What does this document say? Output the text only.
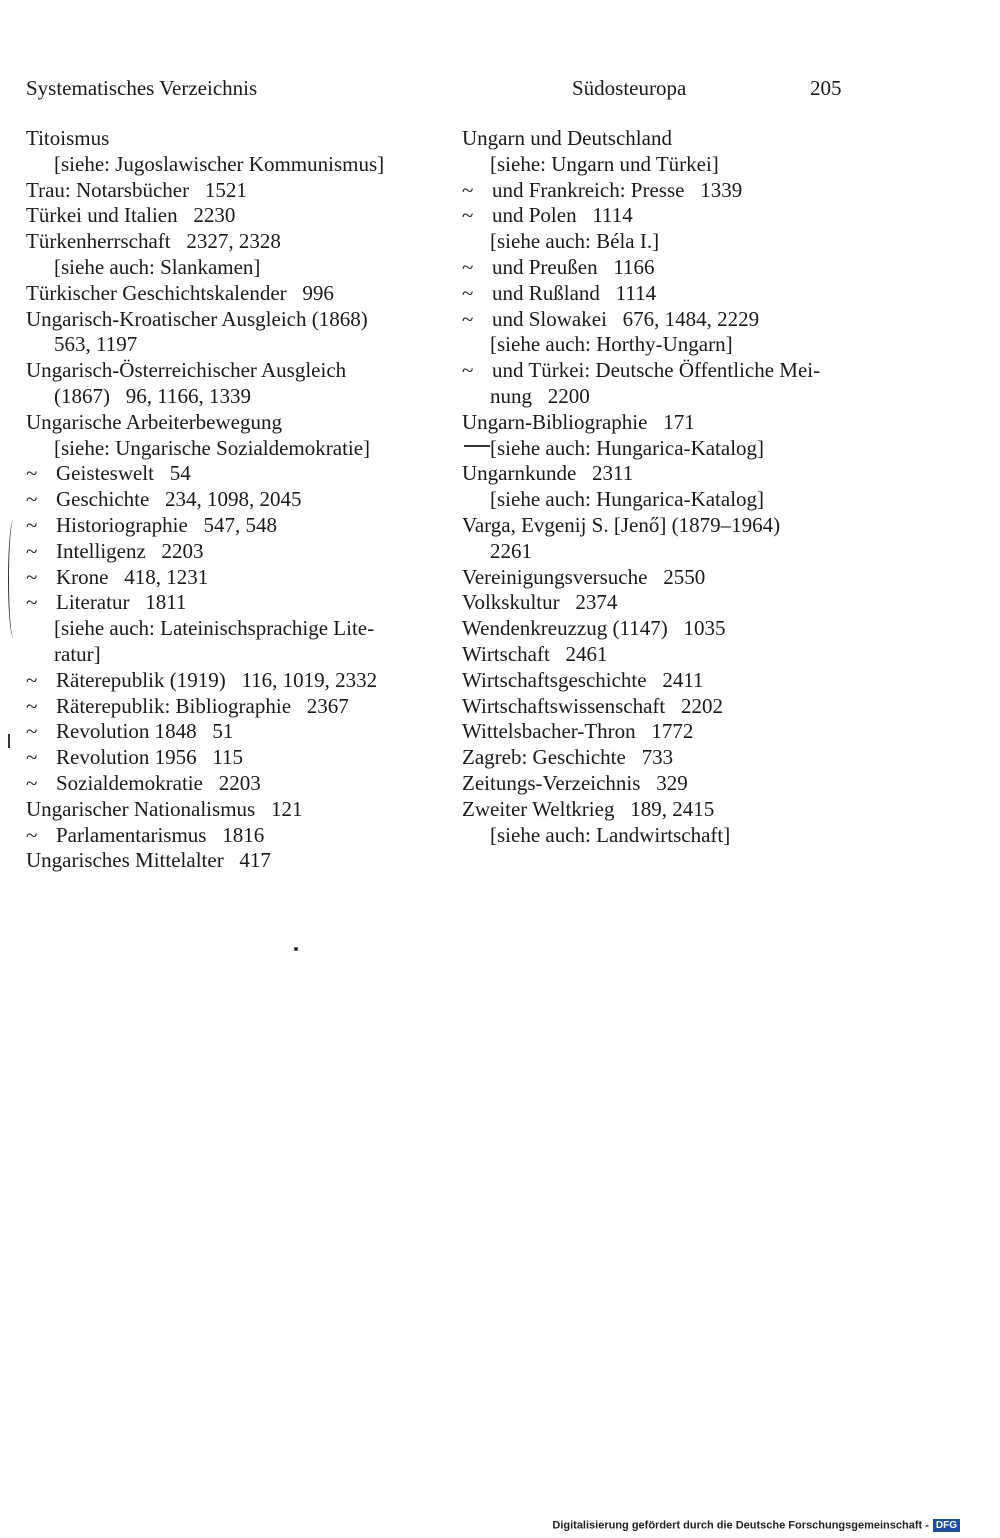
Systematisches Verzeichnis	Südosteuropa	205
Titoismus
[siehe: Jugoslawischer Kommunismus]
Trau: Notarsbücher   1521
Türkei und Italien   2230
Türkenherrschaft   2327, 2328
[siehe auch: Slankamen]
Türkischer Geschichtskalender   996
Ungarisch-Kroatischer Ausgleich (1868)
563, 1197
Ungarisch-Österreichischer Ausgleich
(1867)   96, 1166, 1339
Ungarische Arbeiterbewegung
[siehe: Ungarische Sozialdemokratie]
~ Geisteswelt   54
~ Geschichte   234, 1098, 2045
~ Historiographie   547, 548
~ Intelligenz   2203
~ Krone   418, 1231
~ Literatur   1811
[siehe auch: Lateinischsprachige Lite-
ratur]
~ Räterepublik (1919)   116, 1019, 2332
~ Räterepublik: Bibliographie   2367
~ Revolution 1848   51
~ Revolution 1956   115
~ Sozialdemokratie   2203
Ungarischer Nationalismus   121
~ Parlamentarismus   1816
Ungarisches Mittelalter   417
Ungarn und Deutschland
[siehe: Ungarn und Türkei]
~ und Frankreich: Presse   1339
~ und Polen   1114
[siehe auch: Béla I.]
~ und Preußen   1166
~ und Rußland   1114
~ und Slowakei   676, 1484, 2229
[siehe auch: Horthy-Ungarn]
~ und Türkei: Deutsche Öffentliche Mei-
nung   2200
Ungarn-Bibliographie   171
[siehe auch: Hungarica-Katalog]
Ungarnkunde   2311
[siehe auch: Hungarica-Katalog]
Varga, Evgenij S. [Jenő] (1879–1964)
2261
Vereinigungsversuche   2550
Volkskultur   2374
Wendenkreuzzug (1147)   1035
Wirtschaft   2461
Wirtschaftsgeschichte   2411
Wirtschaftswissenschaft   2202
Wittelsbacher-Thron   1772
Zagreb: Geschichte   733
Zeitungs-Verzeichnis   329
Zweiter Weltkrieg   189, 2415
[siehe auch: Landwirtschaft]
Digitalisierung gefördert durch die Deutsche Forschungsgemeinschaft - DFG
